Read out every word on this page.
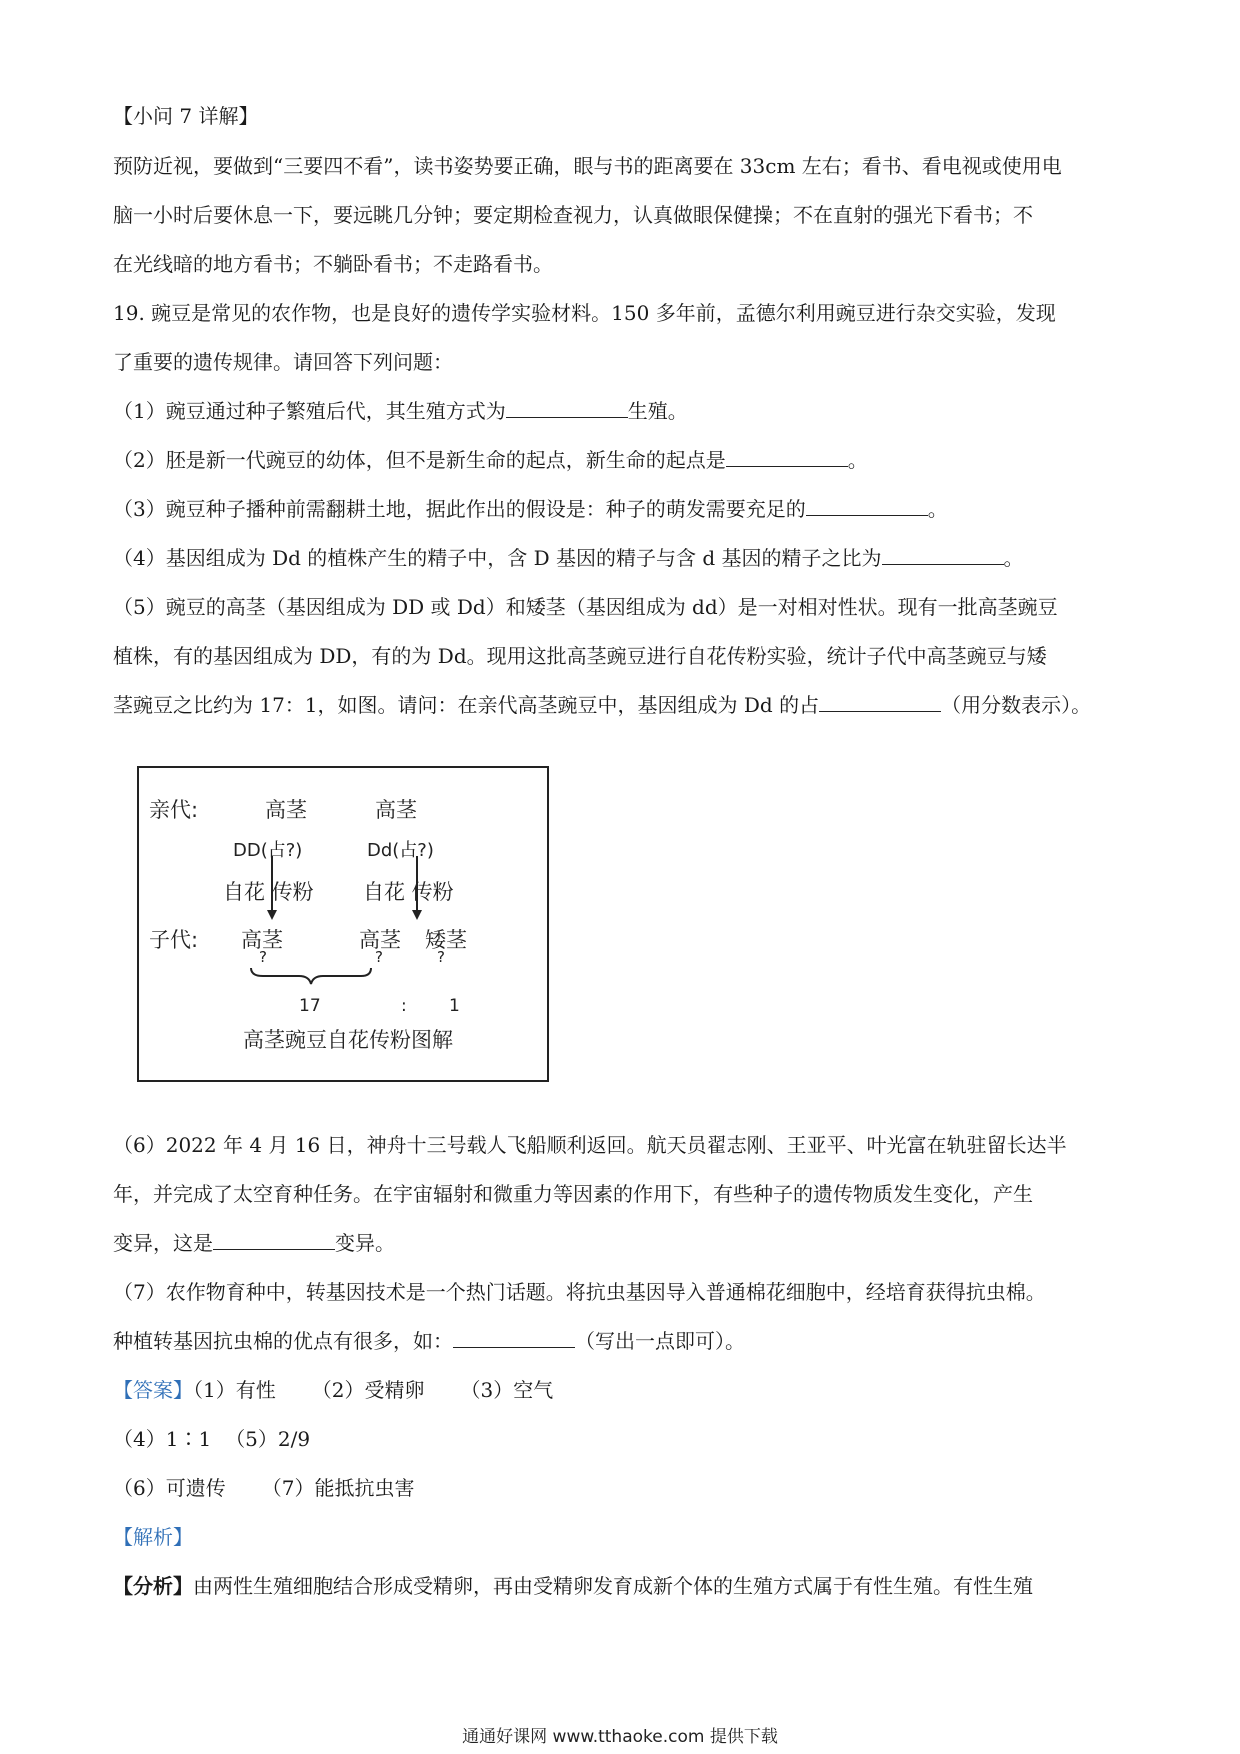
【小问 7 详解】
预防近视，要做到“三要四不看”，读书姿势要正确，眼与书的距离要在 33cm 左右；看书、看电视或使用电
脑一小时后要休息一下，要远眺几分钟；要定期检查视力，认真做眼保健操；不在直射的强光下看书；不
在光线暗的地方看书；不躺卧看书；不走路看书。
19. 豌豆是常见的农作物，也是良好的遗传学实验材料。150 多年前，孟德尔利用豌豆进行杂交实验，发现
了重要的遗传规律。请回答下列问题：
（1）豌豆通过种子繁殖后代，其生殖方式为	生殖。
（2）胚是新一代豌豆的幼体，但不是新生命的起点，新生命的起点是	。
（3）豌豆种子播种前需翻耕土地，据此作出的假设是：种子的萌发需要充足的	。
（4）基因组成为 Dd 的植株产生的精子中，含 D 基因的精子与含 d 基因的精子之比为	。
（5）豌豆的高茎（基因组成为 DD 或 Dd）和矮茎（基因组成为 dd）是一对相对性状。现有一批高茎豌豆
植株，有的基因组成为 DD，有的为 Dd。现用这批高茎豌豆进行自花传粉实验，统计子代中高茎豌豆与矮
茎豌豆之比约为 17：1，如图。请问：在亲代高茎豌豆中，基因组成为 Dd 的占	（用分数表示）。
亲代:	高茎	高茎
DD(占?)	Dd(占?)
自花 传粉 自花 传粉
子代: 高茎	高茎 矮茎
?	?	?
17	: 1
高茎豌豆自花传粉图解
（6）2022 年 4 月 16 日，神舟十三号载人飞船顺利返回。航天员翟志刚、王亚平、叶光富在轨驻留长达半
年，并完成了太空育种任务。在宇宙辐射和微重力等因素的作用下，有些种子的遗传物质发生变化，产生
变异，这是	变异。
（7）农作物育种中，转基因技术是一个热门话题。将抗虫基因导入普通棉花细胞中，经培育获得抗虫棉。
种植转基因抗虫棉的优点有很多，如：	（写出一点即可）。
【答案】（1）有性 （2）受精卵 （3）空气
（4）1∶1 （5）2/9
（6）可遗传 （7）能抵抗虫害
【解析】
【分析】由两性生殖细胞结合形成受精卵，再由受精卵发育成新个体的生殖方式属于有性生殖。有性生殖
通通好课网 www.tthaoke.com 提供下载
